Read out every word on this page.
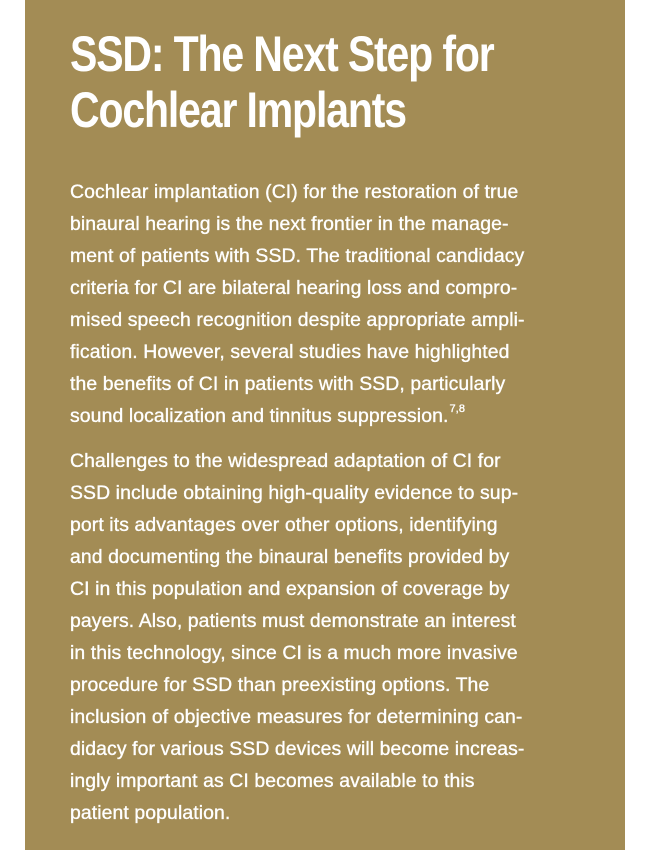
SSD: The Next Step for
Cochlear Implants

Cochlear implantation (CI) for the restoration of true
binaural hearing is the next frontier in the manage-
ment of patients with SSD. The traditional candidacy
criteria for CI are bilateral hearing loss and compro-
mised speech recognition despite appropriate ampli-
fication. However, several studies have highlighted
the benefits of CI in patients with SSD, particularly
sound localization and tinnitus suppression.$^{7,8}$

Challenges to the widespread adaptation of CI for
SSD include obtaining high-quality evidence to sup-
port its advantages over other options, identifying
and documenting the binaural benefits provided by
CI in this population and expansion of coverage by
payers. Also, patients must demonstrate an interest
in this technology, since CI is a much more invasive
procedure for SSD than preexisting options. The
inclusion of objective measures for determining can-
didacy for various SSD devices will become increas-
ingly important as CI becomes available to this
patient population.
